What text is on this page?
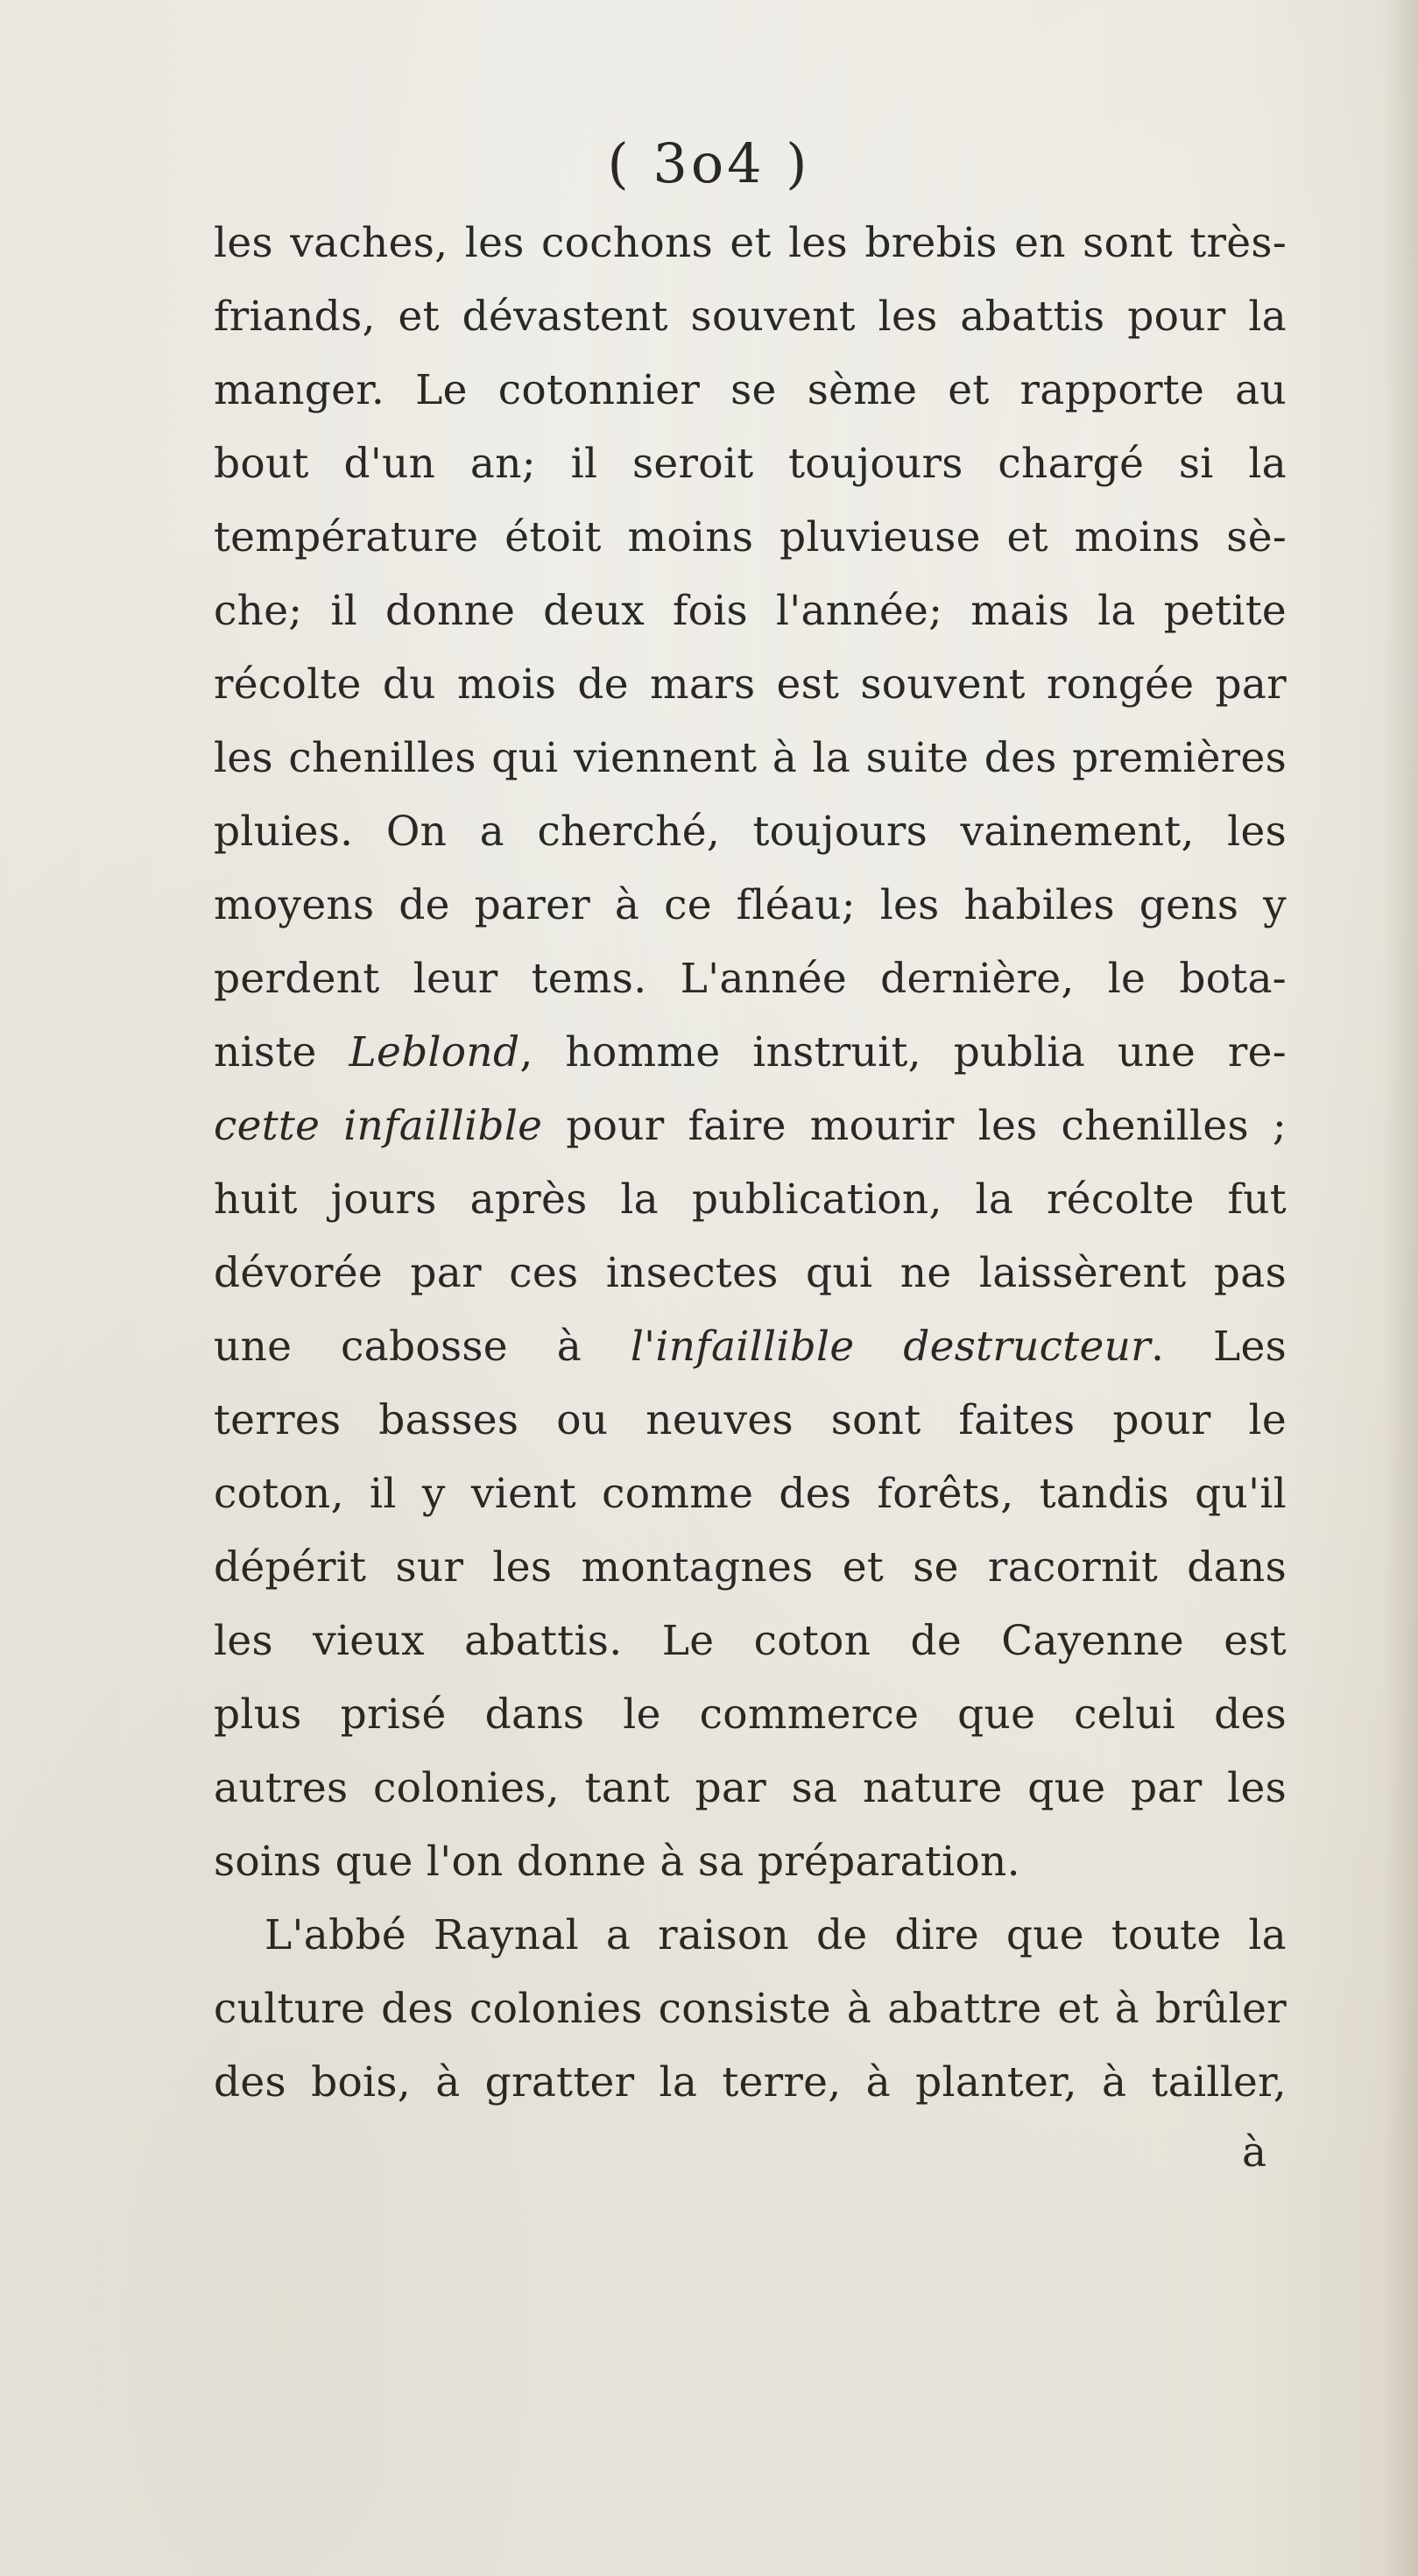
( 3o4 )
les vaches, les cochons et les brebis en sont très-
friands, et dévastent souvent les abattis pour la
manger. Le cotonnier se sème et rapporte au
bout d'un an; il seroit toujours chargé si la
température étoit moins pluvieuse et moins sè-
che; il donne deux fois l'année; mais la petite
récolte du mois de mars est souvent rongée par
les chenilles qui viennent à la suite des premières
pluies. On a cherché, toujours vainement, les
moyens de parer à ce fléau; les habiles gens y
perdent leur tems. L'année dernière, le bota-
niste Leblond, homme instruit, publia une re-
cette infaillible pour faire mourir les chenilles ;
huit jours après la publication, la récolte fut
dévorée par ces insectes qui ne laissèrent pas
une cabosse à l'infaillible destructeur. Les
terres basses ou neuves sont faites pour le
coton, il y vient comme des forêts, tandis qu'il
dépérit sur les montagnes et se racornit dans
les vieux abattis. Le coton de Cayenne est
plus prisé dans le commerce que celui des
autres colonies, tant par sa nature que par les
soins que l'on donne à sa préparation.
L'abbé Raynal a raison de dire que toute la
culture des colonies consiste à abattre et à brûler
des bois, à gratter la terre, à planter, à tailler,
à
